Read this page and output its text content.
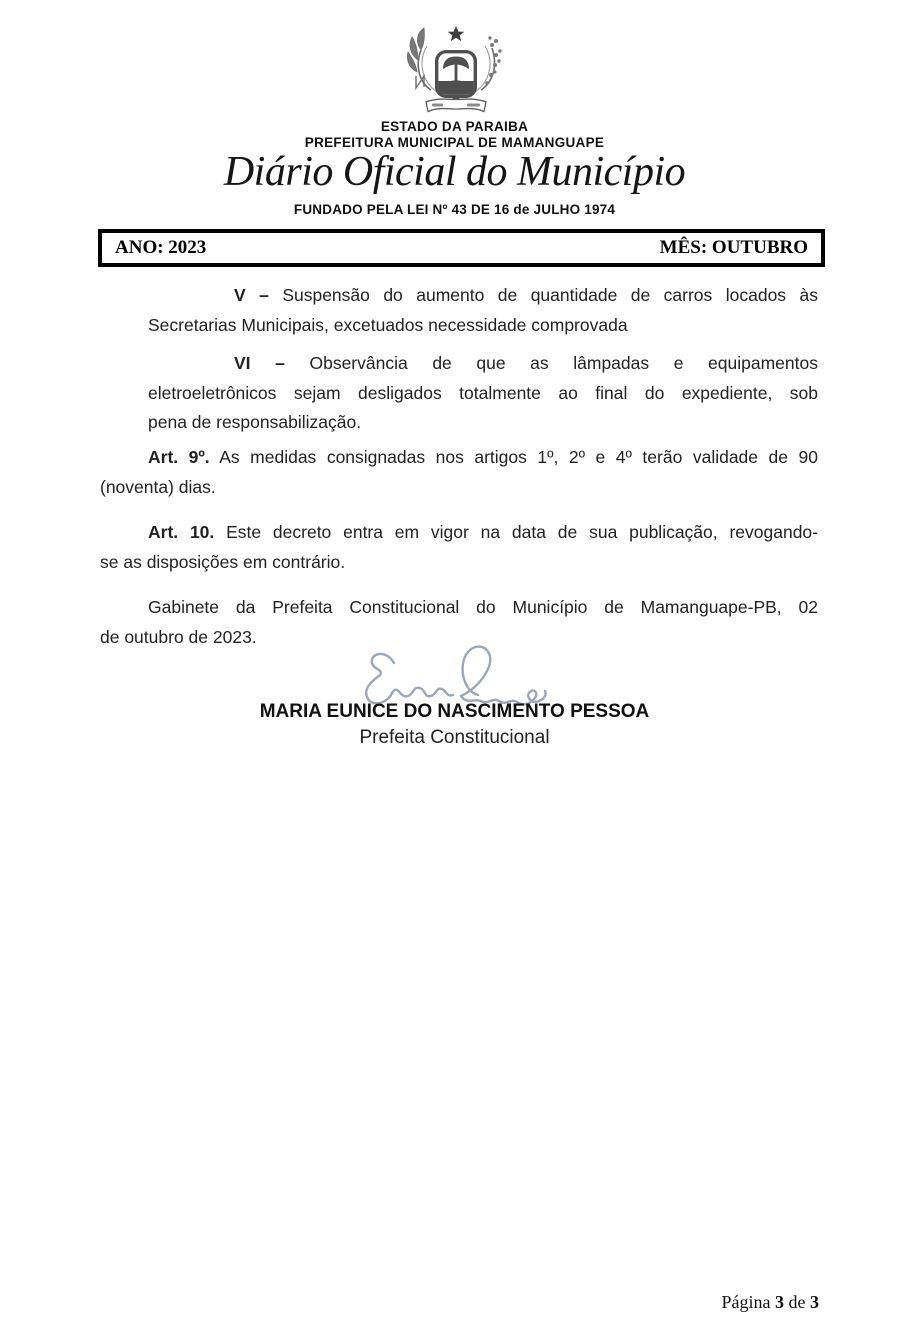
ESTADO DA PARAIBA
PREFEITURA MUNICIPAL DE MAMANGUAPE
Diário Oficial do Município
FUNDADO PELA LEI Nº 43 DE 16 de JULHO 1974
ANO: 2023	MÊS: OUTUBRO
V – Suspensão do aumento de quantidade de carros locados às
Secretarias Municipais, excetuados necessidade comprovada
VI – Observância de que as lâmpadas e equipamentos
eletroeletrônicos sejam desligados totalmente ao final do expediente, sob
pena de responsabilização.
Art. 9º. As medidas consignadas nos artigos 1º, 2º e 4º terão validade de 90
(noventa) dias.
Art. 10. Este decreto entra em vigor na data de sua publicação, revogando-
se as disposições em contrário.
Gabinete da Prefeita Constitucional do Município de Mamanguape-PB, 02
de outubro de 2023.
MARIA EUNICE DO NASCIMENTO PESSOA
Prefeita Constitucional
Página 3 de 3
